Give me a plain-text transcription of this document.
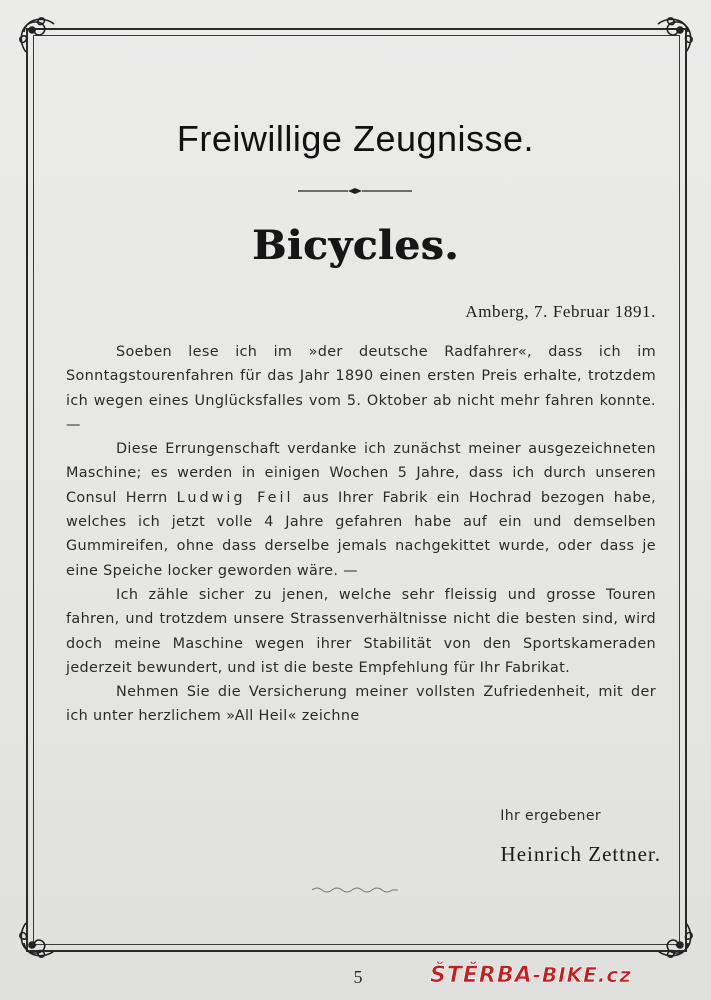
Freiwillige Zeugnisse.
Bicycles.
Amberg, 7. Februar 1891.

Soeben lese ich im »der deutsche Radfahrer«, dass ich im Sonntagstourenfahren für das Jahr 1890 einen ersten Preis erhalte, trotzdem ich wegen eines Unglücksfalles vom 5. Oktober ab nicht mehr fahren konnte. —

Diese Errungenschaft verdanke ich zunächst meiner ausgezeichneten Maschine; es werden in einigen Wochen 5 Jahre, dass ich durch unseren Consul Herrn Ludwig Feil aus Ihrer Fabrik ein Hochrad bezogen habe, welches ich jetzt volle 4 Jahre gefahren habe auf ein und demselben Gummireifen, ohne dass derselbe jemals nachgekittet wurde, oder dass je eine Speiche locker geworden wäre. —

Ich zähle sicher zu jenen, welche sehr fleissig und grosse Touren fahren, und trotzdem unsere Strassenverhältnisse nicht die besten sind, wird doch meine Maschine wegen ihrer Stabilität von den Sportskameraden jederzeit bewundert, und ist die beste Empfehlung für Ihr Fabrikat.

Nehmen Sie die Versicherung meiner vollsten Zufriedenheit, mit der ich unter herzlichem »All Heil« zeichne

Ihr ergebener
Heinrich Zettner.
5	ŠTĚRBA-BIKE.cz
